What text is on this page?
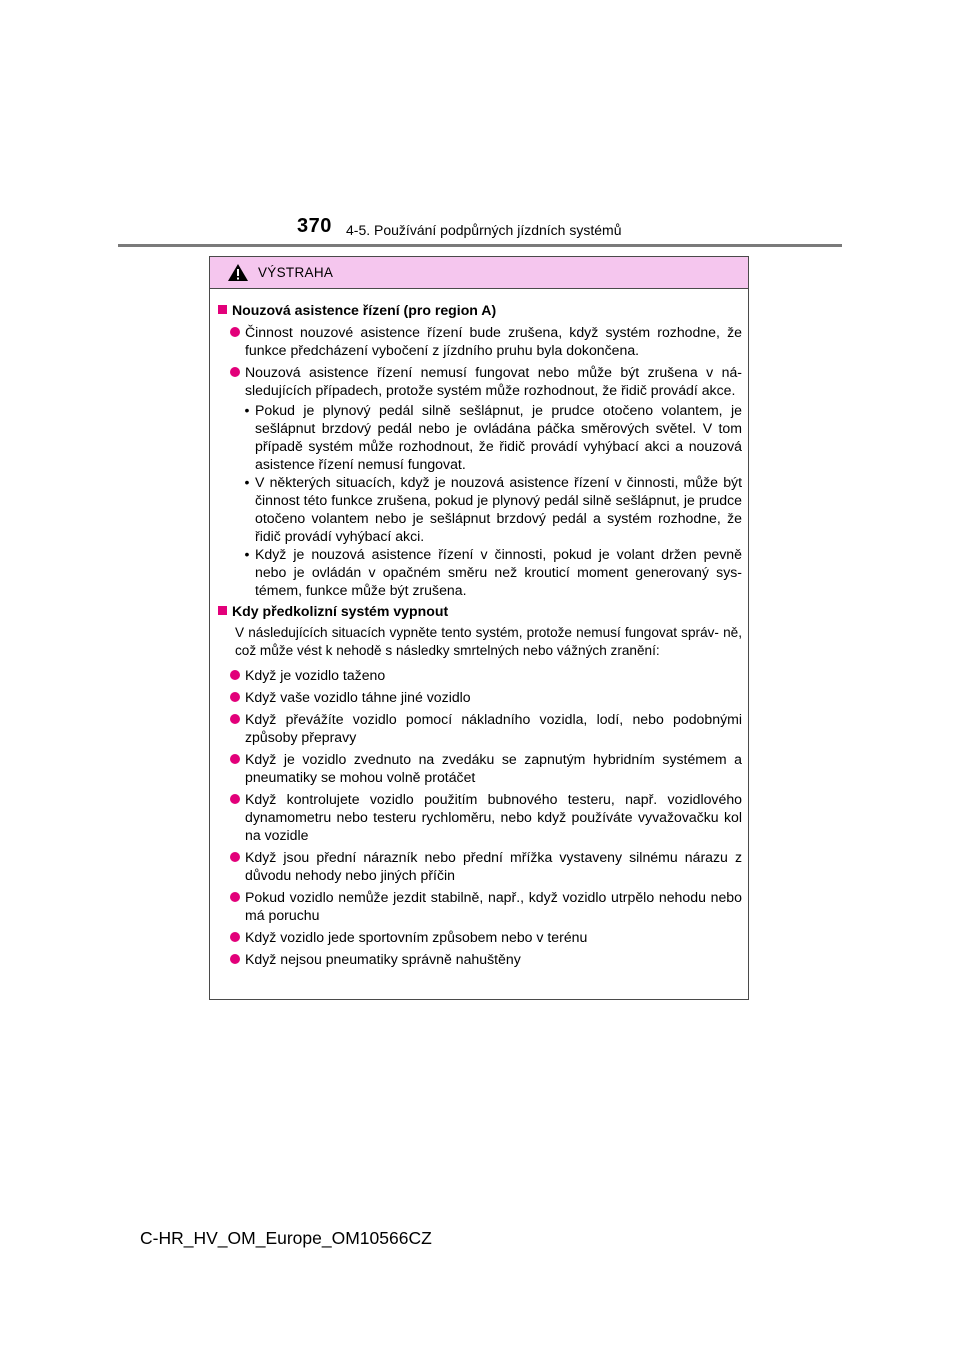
370 4-5. Používání podpůrných jízdních systémů
VÝSTRAHA
Nouzová asistence řízení (pro region A)
Činnost nouzové asistence řízení bude zrušena, když systém rozhodne, že funkce předcházení vybočení z jízdního pruhu byla dokončena.
Nouzová asistence řízení nemusí fungovat nebo může být zrušena v ná- sledujících případech, protože systém může rozhodnout, že řidič provádí akce.
• Pokud je plynový pedál silně sešlápnut, je prudce otočeno volantem, je sešlápnut brzdový pedál nebo je ovládána páčka směrových světel. V tom případě systém může rozhodnout, že řidič provádí vyhýbací akci a nouzová asistence řízení nemusí fungovat.
• V některých situacích, když je nouzová asistence řízení v činnosti, může být činnost této funkce zrušena, pokud je plynový pedál silně sešlápnut, je prudce otočeno volantem nebo je sešlápnut brzdový pedál a systém rozhodne, že řidič provádí vyhýbací akci.
• Když je nouzová asistence řízení v činnosti, pokud je volant držen pevně nebo je ovládán v opačném směru než krouticí moment generovaný sys- témem, funkce může být zrušena.
Kdy předkolizní systém vypnout
V následujících situacích vypněte tento systém, protože nemusí fungovat správ- ně, což může vést k nehodě s následky smrtelných nebo vážných zranění:
Když je vozidlo taženo
Když vaše vozidlo táhne jiné vozidlo
Když převážíte vozidlo pomocí nákladního vozidla, lodí, nebo podobnými způsoby přepravy
Když je vozidlo zvednuto na zvedáku se zapnutým hybridním systémem a pneumatiky se mohou volně protáčet
Když kontrolujete vozidlo použitím bubnového testeru, např. vozidlového dynamometru nebo testeru rychloměru, nebo když používáte vyvažovačku kol na vozidle
Když jsou přední nárazník nebo přední mřížka vystaveny silnému nárazu z důvodu nehody nebo jiných příčin
Pokud vozidlo nemůže jezdit stabilně, např., když vozidlo utrpělo nehodu nebo má poruchu
Když vozidlo jede sportovním způsobem nebo v terénu
Když nejsou pneumatiky správně nahuštěny
C-HR_HV_OM_Europe_OM10566CZ
